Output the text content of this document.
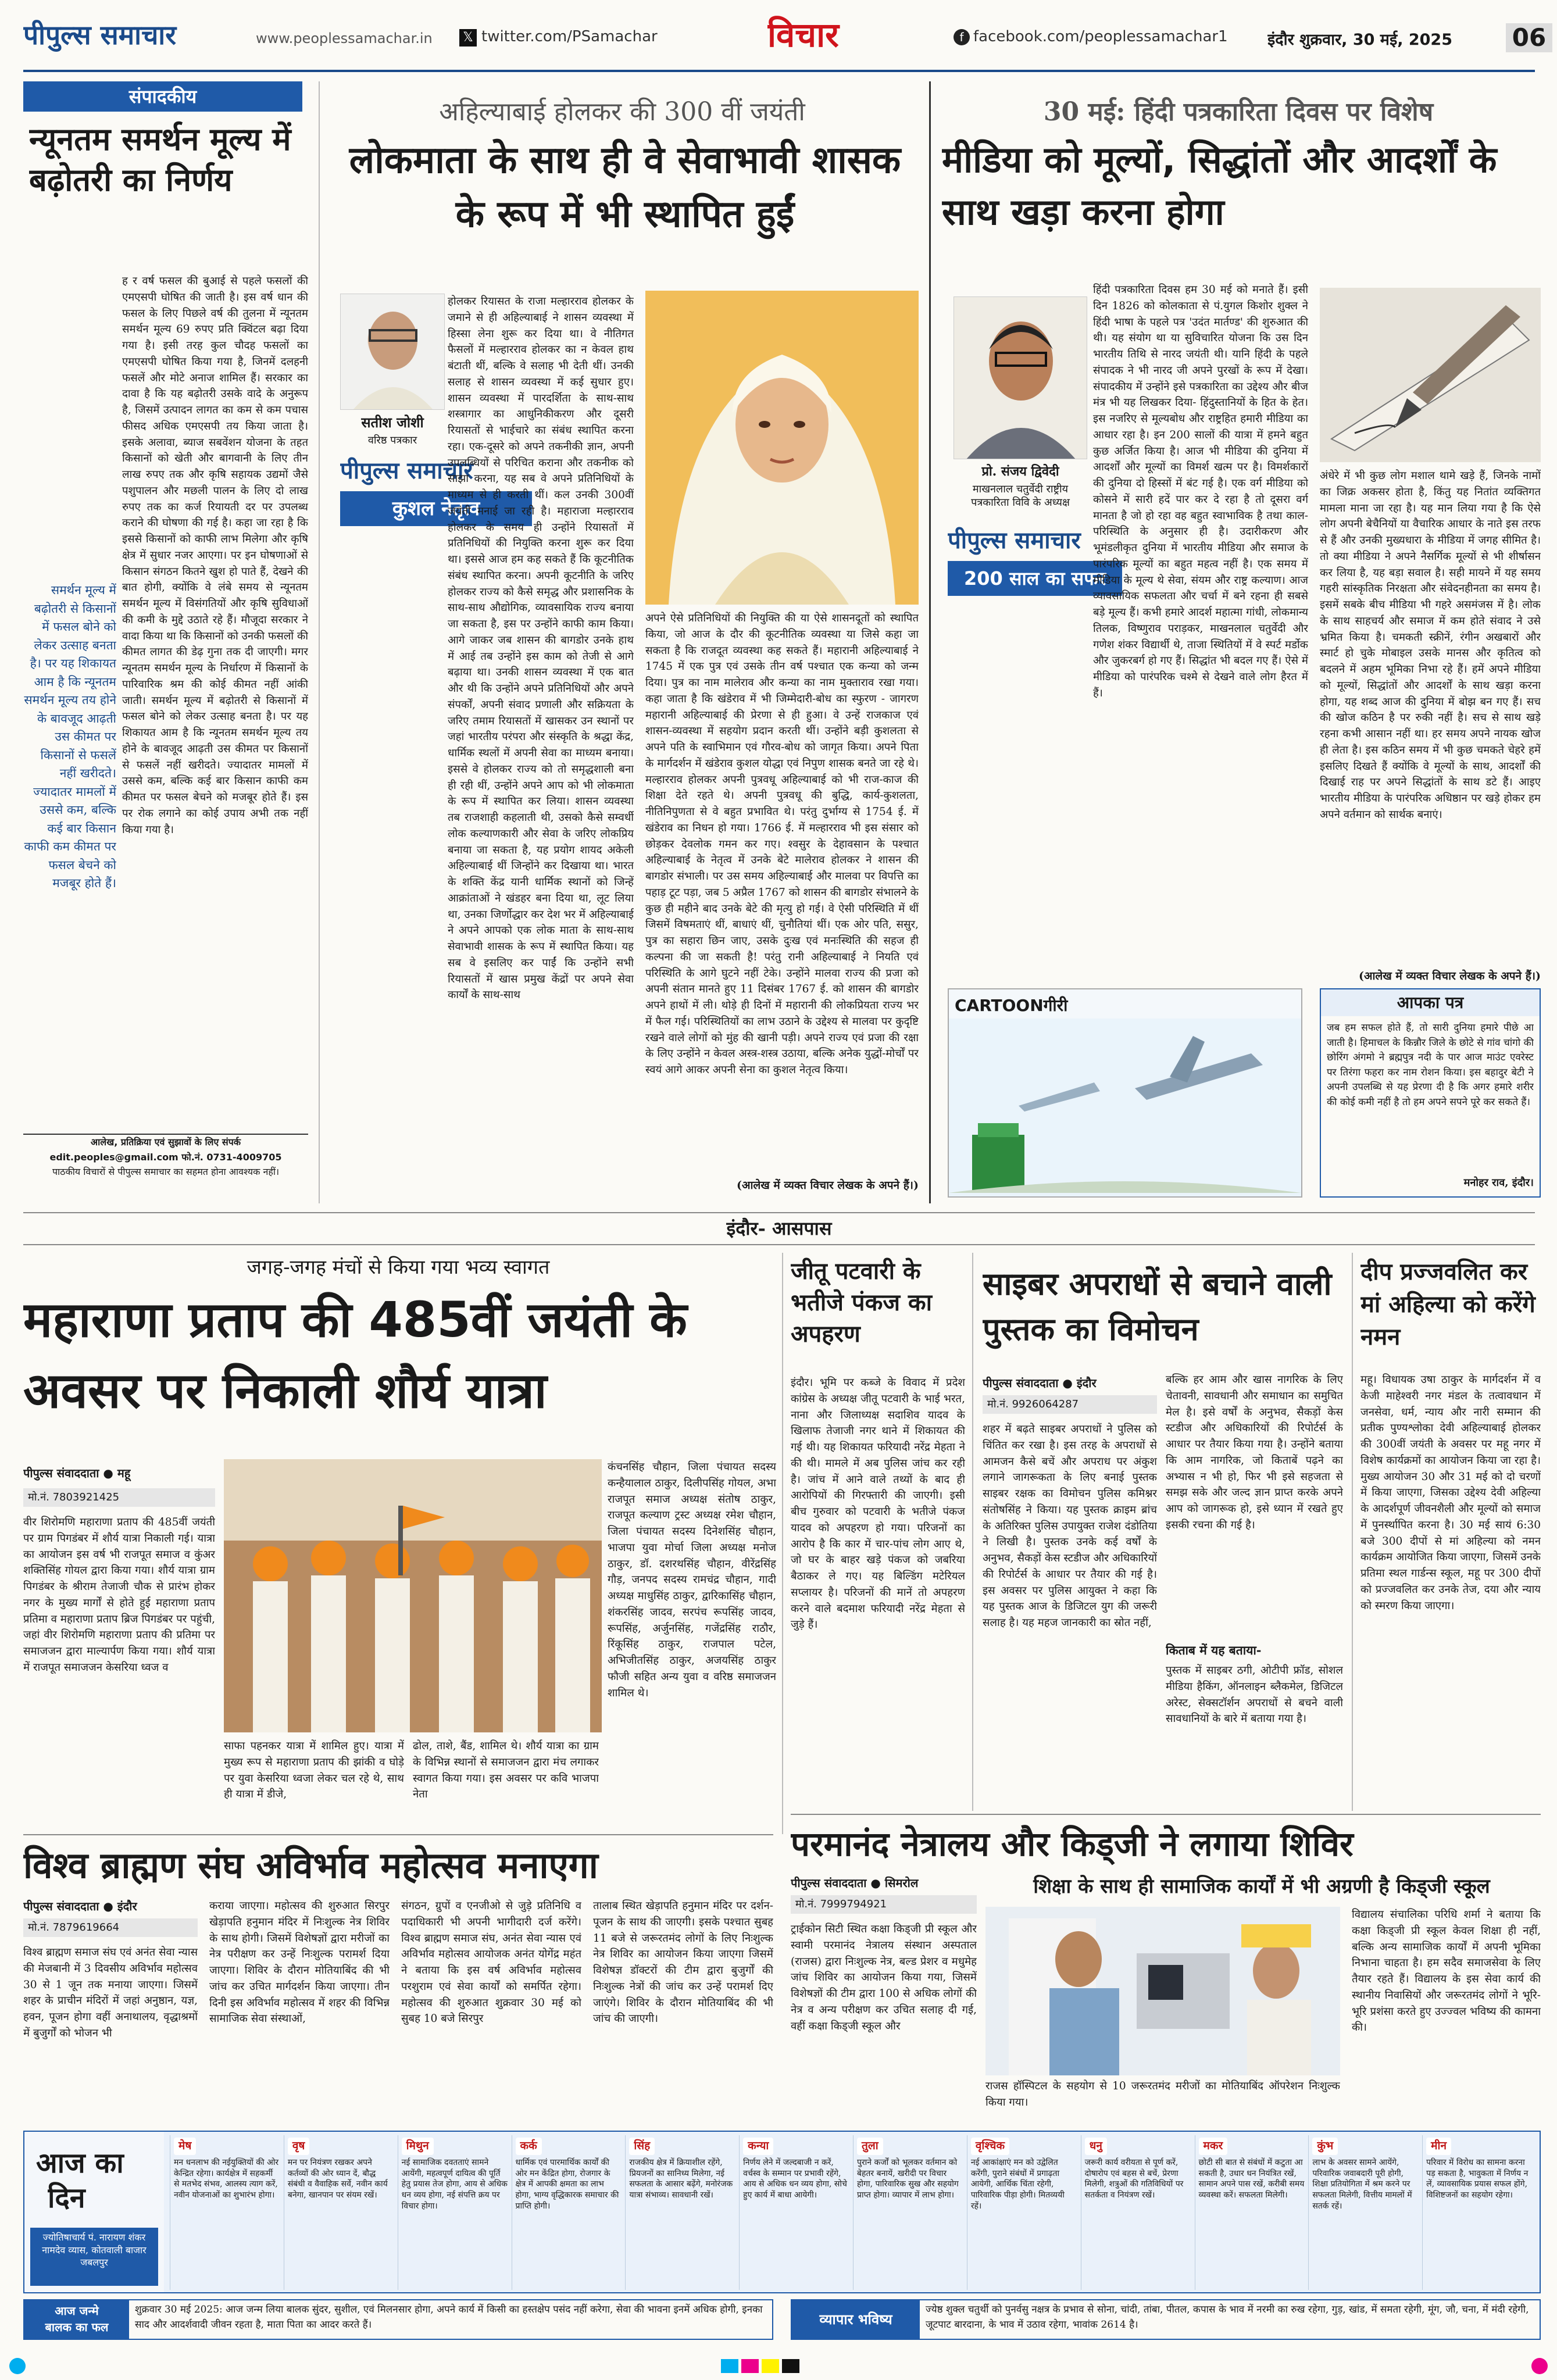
पीपुल्स समाचार	www.peoplessamachar.in	𝕏 twitter.com/PSamachar	विचार	f facebook.com/peoplessamachar1	इंदौर शुक्रवार, 30 मई, 2025	06
संपादकीय
न्यूनतम समर्थन मूल्य में बढ़ोतरी का निर्णय
समर्थन मूल्य में बढ़ोतरी से किसानों में फसल बोने को लेकर उत्साह बनता है। पर यह शिकायत आम है कि न्यूनतम समर्थन मूल्य तय होने के बावजूद आढ़ती उस कीमत पर किसानों से फसलें नहीं खरीदते। ज्यादातर मामलों में उससे कम, बल्कि कई बार किसान काफी कम कीमत पर फसल बेचने को मजबूर होते हैं।
ह र वर्ष फसल की बुआई से पहले फसलों की एमएसपी घोषित की जाती है। इस वर्ष धान की फसल के लिए पिछले वर्ष की तुलना में न्यूनतम समर्थन मूल्य 69 रुपए प्रति क्विंटल बढ़ा दिया गया है। इसी तरह कुल चौदह फसलों का एमएसपी घोषित किया गया है, जिनमें दलहनी फसलें और मोटे अनाज शामिल हैं। सरकार का दावा है कि यह बढ़ोतरी उसके वादे के अनुरूप है, जिसमें उत्पादन लागत का कम से कम पचास फीसद अधिक एमएसपी तय किया जाता है। इसके अलावा, ब्याज सबवेंशन योजना के तहत किसानों को खेती और बागवानी के लिए तीन लाख रुपए तक और कृषि सहायक उद्यमों जैसे पशुपालन और मछली पालन के लिए दो लाख रुपए तक का कर्ज रियायती दर पर उपलब्ध कराने की घोषणा की गई है। कहा जा रहा है कि इससे किसानों को काफी लाभ मिलेगा और कृषि क्षेत्र में सुधार नजर आएगा। पर इन घोषणाओं से किसान संगठन कितने खुश हो पाते हैं, देखने की बात होगी, क्योंकि वे लंबे समय से न्यूनतम समर्थन मूल्य में विसंगतियों और कृषि सुविधाओं की कमी के मुद्दे उठाते रहे हैं। मौजूदा सरकार ने वादा किया था कि किसानों को उनकी फसलों की कीमत लागत की डेढ़ गुना तक दी जाएगी। मगर न्यूनतम समर्थन मूल्य के निर्धारण में किसानों के पारिवारिक श्रम की कोई कीमत नहीं आंकी जाती। समर्थन मूल्य में बढ़ोतरी से किसानों में फसल बोने को लेकर उत्साह बनता है। पर यह शिकायत आम है कि न्यूनतम समर्थन मूल्य तय होने के बावजूद आढ़ती उस कीमत पर किसानों से फसलें नहीं खरीदते। ज्यादातर मामलों में उससे कम, बल्कि कई बार किसान काफी कम कीमत पर फसल बेचने को मजबूर होते हैं। इस पर रोक लगाने का कोई उपाय अभी तक नहीं किया गया है।
आलेख, प्रतिक्रिया एवं सुझावों के लिए संपर्क
edit.peoples@gmail.com फो.नं. 0731-4009705
पाठकीय विचारों से पीपुल्स समाचार का सहमत होना आवश्यक नहीं।
अहिल्याबाई होलकर की 300 वीं जयंती
लोकमाता के साथ ही वे सेवाभावी शासक के रूप में भी स्थापित हुईं
सतीश जोशी
वरिष्ठ पत्रकार
पीपुल्स समाचार
कुशल नेतृत्व
होलकर रियासत के राजा मल्हारराव होलकर के जमाने से ही अहिल्याबाई ने शासन व्यवस्था में हिस्सा लेना शुरू कर दिया था। वे नीतिगत फैसलों में मल्हारराव होलकर का न केवल हाथ बंटाती थीं, बल्कि वे सलाह भी देती थीं। उनकी सलाह से शासन व्यवस्था में कई सुधार हुए। शासन व्यवस्था में पारदर्शिता के साथ-साथ शस्त्रागार का आधुनिकीकरण और दूसरी रियासतों से भाईचारे का संबंध स्थापित करना रहा। एक-दूसरे को अपने तकनीकी ज्ञान, अपनी उपलब्धियों से परिचित कराना और तकनीक को साझा करना, यह सब वे अपने प्रतिनिधियों के माध्यम से ही करती थीं। कल उनकी 300वीं जयंती मनाई जा रही है। महाराजा मल्हारराव होलकर के समय ही उन्होंने रियासतों में प्रतिनिधियों की नियुक्ति करना शुरू कर दिया था। इससे आज हम कह सकते हैं कि कूटनीतिक संबंध स्थापित करना। अपनी कूटनीति के जरिए होलकर राज्य को कैसे समृद्ध और प्रशासनिक के साथ-साथ औद्योगिक, व्यावसायिक राज्य बनाया जा सकता है, इस पर उन्होंने काफी काम किया। आगे जाकर जब शासन की बागडोर उनके हाथ में आई तब उन्होंने इस काम को तेजी से आगे बढ़ाया था। उनकी शासन व्यवस्था में एक बात और थी कि उन्होंने अपने प्रतिनिधियों और अपने संपर्कों, अपनी संवाद प्रणाली और सक्रियता के जरिए तमाम रियासतों में खासकर उन स्थानों पर जहां भारतीय परंपरा और संस्कृति के श्रद्धा केंद्र, धार्मिक स्थलों में अपनी सेवा का माध्यम बनाया। इससे वे होलकर राज्य को तो समृद्धशाली बना ही रही थीं, उन्होंने अपने आप को भी लोकमाता के रूप में स्थापित कर लिया। शासन व्यवस्था तब राजशाही कहलाती थी, उसको कैसे सम्वर्धी लोक कल्याणकारी और सेवा के जरिए लोकप्रिय बनाया जा सकता है, यह प्रयोग शायद अकेली अहिल्याबाई थीं जिन्होंने कर दिखाया था। भारत के शक्ति केंद्र यानी धार्मिक स्थानों को जिन्हें आक्रांताओं ने खंडहर बना दिया था, लूट लिया था, उनका जिर्णोद्धार कर देश भर में अहिल्याबाई ने अपने आपको एक लोक माता के साथ-साथ सेवाभावी शासक के रूप में स्थापित किया। यह सब वे इसलिए कर पाईं कि उन्होंने सभी रियासतों में खास प्रमुख केंद्रों पर अपने सेवा कार्यों के साथ-साथ
अपने ऐसे प्रतिनिधियों की नियुक्ति की या ऐसे शासनदूतों को स्थापित किया, जो आज के दौर की कूटनीतिक व्यवस्था या जिसे कहा जा सकता है कि राजदूत व्यवस्था कह सकते हैं। महारानी अहिल्याबाई ने 1745 में एक पुत्र एवं उसके तीन वर्ष पश्चात एक कन्या को जन्म दिया। पुत्र का नाम मालेराव और कन्या का नाम मुक्ताराव रखा गया। कहा जाता है कि खंडेराव में भी जिम्मेदारी-बोध का स्फुरण - जागरण महारानी अहिल्याबाई की प्रेरणा से ही हुआ। वे उन्हें राजकाज एवं शासन-व्यवस्था में सहयोग प्रदान करती थीं। उन्होंने बड़ी कुशलता से अपने पति के स्वाभिमान एवं गौरव-बोध को जागृत किया। अपने पिता के मार्गदर्शन में खंडेराव कुशल योद्धा एवं निपुण शासक बनते जा रहे थे। मल्हारराव होलकर अपनी पुत्रवधू अहिल्याबाई को भी राज-काज की शिक्षा देते रहते थे। अपनी पुत्रवधू की बुद्धि, कार्य-कुशलता, नीतिनिपुणता से वे बहुत प्रभावित थे। परंतु दुर्भाग्य से 1754 ई. में खंडेराव का निधन हो गया। 1766 ई. में मल्हारराव भी इस संसार को छोड़कर देवलोक गमन कर गए। श्वसुर के देहावसान के पश्चात अहिल्याबाई के नेतृत्व में उनके बेटे मालेराव होलकर ने शासन की बागडोर संभाली। पर उस समय अहिल्याबाई और मालवा पर विपत्ति का पहाड़ टूट पड़ा, जब 5 अप्रैल 1767 को शासन की बागडोर संभालने के कुछ ही महीने बाद उनके बेटे की मृत्यु हो गई। वे ऐसी परिस्थिति में थीं जिसमें विषमताएं थीं, बाधाएं थीं, चुनौतियां थीं। एक ओर पति, ससुर, पुत्र का सहारा छिन जाए, उसके दुःख एवं मनःस्थिति की सहज ही कल्पना की जा सकती है! परंतु रानी अहिल्याबाई ने नियति एवं परिस्थिति के आगे घुटने नहीं टेके। उन्होंने मालवा राज्य की प्रजा को अपनी संतान मानते हुए 11 दिसंबर 1767 ई. को शासन की बागडोर अपने हाथों में ली। थोड़े ही दिनों में महारानी की लोकप्रियता राज्य भर में फैल गई। परिस्थितियों का लाभ उठाने के उद्देश्य से मालवा पर कुदृष्टि रखने वाले लोगों को मुंह की खानी पड़ी। अपने राज्य एवं प्रजा की रक्षा के लिए उन्होंने न केवल अस्त्र-शस्त्र उठाया, बल्कि अनेक युद्धों-मोर्चों पर स्वयं आगे आकर अपनी सेना का कुशल नेतृत्व किया।
(आलेख में व्यक्त विचार लेखक के अपने हैं।)
30 मई: हिंदी पत्रकारिता दिवस पर विशेष
मीडिया को मूल्यों, सिद्धांतों और आदर्शों के साथ खड़ा करना होगा
प्रो. संजय द्विवेदी
माखनलाल चतुर्वेदी राष्ट्रीय पत्रकारिता विवि के अध्यक्ष
पीपुल्स समाचार
200 साल का सफर
हिंदी पत्रकारिता दिवस हम 30 मई को मनाते हैं। इसी दिन 1826 को कोलकाता से पं.युगल किशोर शुक्ल ने हिंदी भाषा के पहले पत्र 'उदंत मार्तण्ड' की शुरुआत की थी। यह संयोग था या सुविचारित योजना कि उस दिन भारतीय तिथि से नारद जयंती थी। यानि हिंदी के पहले संपादक ने भी नारद जी अपने पुरखों के रूप में देखा। संपादकीय में उन्होंने इसे पत्रकारिता का उद्देश्य और बीज मंत्र भी यह लिखकर दिया- हिंदुस्तानियों के हित के हेत। इस नजरिए से मूल्यबोध और राष्ट्रहित हमारी मीडिया का आधार रहा है। इन 200 सालों की यात्रा में हमने बहुत कुछ अर्जित किया है। आज भी मीडिया की दुनिया में आदर्शों और मूल्यों का विमर्श खत्म पर है। विमर्शकारों की दुनिया दो हिस्सों में बंट गई है। एक वर्ग मीडिया को कोसने में सारी हदें पार कर दे रहा है तो दूसरा वर्ग मानता है जो हो रहा वह बहुत स्वाभाविक है तथा काल-परिस्थिति के अनुसार ही है। उदारीकरण और भूमंडलीकृत दुनिया में भारतीय मीडिया और समाज के पारंपरिक मूल्यों का बहुत महत्व नहीं है। एक समय में मीडिया के मूल्य थे सेवा, संयम और राष्ट्र कल्याण। आज व्यावसायिक सफलता और चर्चा में बने रहना ही सबसे बड़े मूल्य हैं। कभी हमारे आदर्श महात्मा गांधी, लोकमान्य तिलक, विष्णुराव पराड़कर, माखनलाल चतुर्वेदी और गणेश शंकर विद्यार्थी थे, ताजा स्थितियों में वे स्पर्ट मर्डोक और जुकरबर्ग हो गए हैं। सिद्धांत भी बदल गए हैं। ऐसे में मीडिया को पारंपरिक चश्मे से देखने वाले लोग हैरत में हैं।
अंधेरे में भी कुछ लोग मशाल थामे खड़े हैं, जिनके नामों का जिक्र अकसर होता है, किंतु यह नितांत व्यक्तिगत मामला माना जा रहा है। यह मान लिया गया है कि ऐसे लोग अपनी बेचैनियों या वैचारिक आधार के नाते इस तरफ से हैं और उनकी मुख्यधारा के मीडिया में जगह सीमित है। तो क्या मीडिया ने अपने नैसर्गिक मूल्यों से भी शीर्षासन कर लिया है, यह बड़ा सवाल है। सही मायने में यह समय गहरी सांस्कृतिक निरक्षता और संवेदनहीनता का समय है। इसमें सबके बीच मीडिया भी गहरे असमंजस में है। लोक के साथ साहचर्य और समाज में कम होते संवाद ने उसे भ्रमित किया है। चमकती स्क्रीनें, रंगीन अखबारों और स्मार्ट हो चुके मोबाइल उसके मानस और कृतित्व को बदलने में अहम भूमिका निभा रहे हैं। हमें अपने मीडिया को मूल्यों, सिद्धांतों और आदर्शों के साथ खड़ा करना होगा, यह शब्द आज की दुनिया में बोझ बन गए हैं। सच की खोज कठिन है पर रुकी नहीं है। सच से साथ खड़े रहना कभी आसान नहीं था। हर समय अपने नायक खोज ही लेता है। इस कठिन समय में भी कुछ चमकते चेहरे हमें इसलिए दिखते हैं क्योंकि वे मूल्यों के साथ, आदर्शों की दिखाई राह पर अपने सिद्धांतों के साथ डटे हैं। आइए भारतीय मीडिया के पारंपरिक अधिष्ठान पर खड़े होकर हम अपने वर्तमान को सार्थक बनाएं।
(आलेख में व्यक्त विचार लेखक के अपने हैं।)
CARTOONगीरी	आपका पत्र
जब हम सफल होते हैं, तो सारी दुनिया हमारे पीछे आ जाती है। हिमाचल के किन्नौर जिले के छोटे से गांव चांगो की छोरिंग अंगमो ने ब्रह्मपुत्र नदी के पार आज माउंट एवरेस्ट पर तिरंगा फहरा कर नाम रोशन किया। इस बहादुर बेटी ने अपनी उपलब्धि से यह प्रेरणा दी है कि अगर हमारे शरीर की कोई कमी नहीं है तो हम अपने सपने पूरे कर सकते हैं।
मनोहर राव, इंदौर।
इंदौर- आसपास
जगह-जगह मंचों से किया गया भव्य स्वागत
महाराणा प्रताप की 485वीं जयंती के अवसर पर निकाली शौर्य यात्रा
पीपुल्स संवाददाता ● महू
मो.नं. 7803921425
वीर शिरोमणि महाराणा प्रताप की 485वीं जयंती पर ग्राम पिगडंबर में शौर्य यात्रा निकाली गई। यात्रा का आयोजन इस वर्ष भी राजपूत समाज व कुंअर शक्तिसिंह गोयल द्वारा किया गया। शौर्य यात्रा ग्राम पिगडंबर के श्रीराम तेजाजी चौक से प्रारंभ होकर नगर के मुख्य मार्गों से होते हुई महाराणा प्रताप प्रतिमा व महाराणा प्रताप ब्रिज पिगडंबर पर पहुंची, जहां वीर शिरोमणि महाराणा प्रताप की प्रतिमा पर समाजजन द्वारा माल्यार्पण किया गया। शौर्य यात्रा में राजपूत समाजजन केसरिया ध्वज व
साफा पहनकर यात्रा में शामिल हुए। यात्रा में मुख्य रूप से महाराणा प्रताप की झांकी व घोड़े पर युवा केसरिया ध्वजा लेकर चल रहे थे, साथ ही यात्रा में डीजे,
ढोल, ताशे, बैंड, शामिल थे। शौर्य यात्रा का ग्राम के विभिन्न स्थानों से समाजजन द्वारा मंच लगाकर स्वागत किया गया। इस अवसर पर कवि भाजपा नेता
कंचनसिंह चौहान, जिला पंचायत सदस्य कन्हैयालाल ठाकुर, दिलीपसिंह गोयल, अभा राजपूत समाज अध्यक्ष संतोष ठाकुर, राजपूत कल्याण ट्रस्ट अध्यक्ष रमेश चौहान, जिला पंचायत सदस्य दिनेशसिंह चौहान, भाजपा युवा मोर्चा जिला अध्यक्ष मनोज ठाकुर, डॉ. दशरथसिंह चौहान, वीरेंद्रसिंह गौड़, जनपद सदस्य रामचंद्र चौहान, गादी अध्यक्ष माधुसिंह ठाकुर, द्वारिकासिंह चौहान, शंकरसिंह जादव, सरपंच रूपसिंह जादव, रूपसिंह, अर्जुनसिंह, गजेंद्रसिंह राठौर, रिंकूसिंह ठाकुर, राजपाल पटेल, अभिजीतसिंह ठाकुर, अजयसिंह ठाकुर फौजी सहित अन्य युवा व वरिष्ठ समाजजन शामिल थे।
जीतू पटवारी के भतीजे पंकज का अपहरण
इंदौर। भूमि पर कब्जे के विवाद में प्रदेश कांग्रेस के अध्यक्ष जीतू पटवारी के भाई भरत, नाना और जिलाध्यक्ष सदाशिव यादव के खिलाफ तेजाजी नगर थाने में शिकायत की गई थी। यह शिकायत फरियादी नरेंद्र मेहता ने की थी। मामले में अब पुलिस जांच कर रही है। जांच में आने वाले तथ्यों के बाद ही आरोपियों की गिरफ्तारी की जाएगी। इसी बीच गुरुवार को पटवारी के भतीजे पंकज यादव को अपहरण हो गया। परिजनों का आरोप है कि कार में चार-पांच लोग आए थे, जो घर के बाहर खड़े पंकज को जबरिया बैठाकर ले गए। यह बिल्डिंग मटेरियल सप्लायर है। परिजनों की मानें तो अपहरण करने वाले बदमाश फरियादी नरेंद्र मेहता से जुड़े हैं।
साइबर अपराधों से बचाने वाली पुस्तक का विमोचन
पीपुल्स संवाददाता ● इंदौर
मो.नं. 9926064287
शहर में बढ़ते साइबर अपराधों ने पुलिस को चिंतित कर रखा है। इस तरह के अपराधों से आमजन कैसे बचें और अपराध पर अंकुश लगाने जागरूकता के लिए बनाई पुस्तक साइबर रक्षक का विमोचन पुलिस कमिश्नर संतोषसिंह ने किया। यह पुस्तक क्राइम ब्रांच के अतिरिक्त पुलिस उपायुक्त राजेश दंडोतिया ने लिखी है। पुस्तक उनके कई वर्षों के अनुभव, सैकड़ों केस स्टडीज और अधिकारियों की रिपोर्टर्स के आधार पर तैयार की गई है। इस अवसर पर पुलिस आयुक्त ने कहा कि यह पुस्तक आज के डिजिटल युग की जरूरी सलाह है। यह महज जानकारी का स्रोत नहीं,
बल्कि हर आम और खास नागरिक के लिए चेतावनी, सावधानी और समाधान का समुचित मेल है। इसे वर्षों के अनुभव, सैकड़ों केस स्टडीज और अधिकारियों की रिपोर्टर्स के आधार पर तैयार किया गया है। उन्होंने बताया कि आम नागरिक, जो किताबें पढ़ने का अभ्यास न भी हो, फिर भी इसे सहजता से समझ सके और जल्द ज्ञान प्राप्त करके अपने आप को जागरूक हो, इसे ध्यान में रखते हुए इसकी रचना की गई है।
किताब में यह बताया-
पुस्तक में साइबर ठगी, ओटीपी फ्रॉड, सोशल मीडिया हैकिंग, ऑनलाइन ब्लैकमेल, डिजिटल अरेस्ट, सेक्सटॉर्शन अपराधों से बचने वाली सावधानियों के बारे में बताया गया है।
दीप प्रज्जवलित कर मां अहिल्या को करेंगे नमन
महू। विधायक उषा ठाकुर के मार्गदर्शन में व केजी माहेश्वरी नगर मंडल के तत्वावधान में जनसेवा, धर्म, न्याय और नारी सम्मान की प्रतीक पुण्यश्लोका देवी अहिल्याबाई होलकर की 300वीं जयंती के अवसर पर महू नगर में विशेष कार्यक्रमों का आयोजन किया जा रहा है। मुख्य आयोजन 30 और 31 मई को दो चरणों में किया जाएगा, जिसका उद्देश्य देवी अहिल्या के आदर्शपूर्ण जीवनशैली और मूल्यों को समाज में पुनर्स्थापित करना है। 30 मई सायं 6:30 बजे 300 दीपों से मां अहिल्या को नमन कार्यक्रम आयोजित किया जाएगा, जिसमें उनके प्रतिमा स्थल गार्डन्स स्कूल, महू पर 300 दीपों को प्रज्जवलित कर उनके तेज, दया और न्याय को स्मरण किया जाएगा।
विश्व ब्राह्मण संघ अविर्भाव महोत्सव मनाएगा
पीपुल्स संवाददाता ● इंदौर
मो.नं. 7879619664
विश्व ब्राह्मण समाज संघ एवं अनंत सेवा न्यास की मेजबानी में 3 दिवसीय अविर्भाव महोत्सव 30 से 1 जून तक मनाया जाएगा। जिसमें शहर के प्राचीन मंदिरों में जहां अनुष्ठान, यज्ञ, हवन, पूजन होगा वहीं अनाथालय, वृद्धाश्रमों में बुजुर्गों को भोजन भी
कराया जाएगा। महोत्सव की शुरुआत सिरपुर खेड़ापति हनुमान मंदिर में निःशुल्क नेत्र शिविर के साथ होगी। जिसमें विशेषज्ञों द्वारा मरीजों का नेत्र परीक्षण कर उन्हें निःशुल्क परामर्श दिया जाएगा। शिविर के दौरान मोतियाबिंद की भी जांच कर उचित मार्गदर्शन किया जाएगा। तीन दिनी इस अविर्भाव महोत्सव में शहर की विभिन्न सामाजिक सेवा संस्थाओं,
संगठन, ग्रुपों व एनजीओ से जुड़े प्रतिनिधि व पदाधिकारी भी अपनी भागीदारी दर्ज करेंगे। विश्व ब्राह्मण समाज संघ, अनंत सेवा न्यास एवं अविर्भाव महोत्सव आयोजक अनंत योगेंद्र महंत ने बताया कि इस वर्ष अविर्भाव महोत्सव परशुराम एवं सेवा कार्यों को समर्पित रहेगा। महोत्सव की शुरुआत शुक्रवार 30 मई को सुबह 10 बजे सिरपुर
तालाब स्थित खेड़ापति हनुमान मंदिर पर दर्शन-पूजन के साथ की जाएगी। इसके पश्चात सुबह 11 बजे से जरूरतमंद लोगों के लिए निःशुल्क नेत्र शिविर का आयोजन किया जाएगा जिसमें विशेषज्ञ डॉक्टरों की टीम द्वारा बुजुर्गों की निःशुल्क नेत्रों की जांच कर उन्हें परामर्श दिए जाएंगे। शिविर के दौरान मोतियाबिंद की भी जांच की जाएगी।
परमानंद नेत्रालय और किड्जी ने लगाया शिविर
पीपुल्स संवाददाता ● सिमरोल
मो.नं. 7999794921
शिक्षा के साथ ही सामाजिक कार्यों में भी अग्रणी है किड्जी स्कूल
ट्राईकोन सिटी स्थित कक्षा किड्जी प्री स्कूल और स्वामी परमानंद नेत्रालय संस्थान अस्पताल (राजस) द्वारा निःशुल्क नेत्र, बल्ड प्रेशर व मधुमेह जांच शिविर का आयोजन किया गया, जिसमें विशेषज्ञों की टीम द्वारा 100 से अधिक लोगों की नेत्र व अन्य परीक्षण कर उचित सलाह दी गई, वहीं कक्षा किड्जी स्कूल और
राजस हॉस्पिटल के सहयोग से 10 जरूरतमंद मरीजों का मोतियाबिंद ऑपरेशन निःशुल्क किया गया।
विद्यालय संचालिका परिधि शर्मा ने बताया कि कक्षा किड्जी प्री स्कूल केवल शिक्षा ही नहीं, बल्कि अन्य सामाजिक कार्यों में अपनी भूमिका निभाना चाहता है। हम सदैव समाजसेवा के लिए तैयार रहते हैं। विद्यालय के इस सेवा कार्य की स्थानीय निवासियों और जरूरतमंद लोगों ने भूरि-भूरि प्रशंसा करते हुए उज्ज्वल भविष्य की कामना की।
आज का
दिन
ज्योतिषाचार्य पं. नारायण शंकर नामदेव व्यास, कोतवाली बाजार जबलपुर
मेष
मन धनलाभ की नईयुक्तियों की ओर केन्द्रित रहेगा। कार्यक्षेत्र में सहकर्मी से मतभेद संभव, आलस्य त्याग करें, नवीन योजनाओं का शुभारंभ होगा।
वृष
मन पर नियंत्रण रखकर अपने कर्तव्यों की ओर ध्यान दें, बौद्ध संबंधी व वैवाहिक सर्वे, नवीन कार्य बनेगा, खानपान पर संयम रखें।
मिथुन
नई सामाजिक दवतताएं सामने आयेंगी, महत्वपूर्ण दायित्व की पूर्ति हेतु प्रयास तेज होगा, आय से अधिक धन व्यय होगा, नई संपत्ति क्रय पर विचार होगा।
कर्क
धार्मिक एवं पारमार्थिक कार्यों की ओर मन केंद्रित होगा, रोजगार के क्षेत्र में आपकी क्षमता का लाभ होगा, भाग्य वृद्धिकारक समाचार की प्राप्ति होगी।
सिंह
राजकीय क्षेत्र में क्रियाशील रहेंगे, प्रियजनों का सानिध्य मिलेगा, नई सफलता के आसार बढ़ेंगे, मनोरंजक यात्रा संभाव्य। सावधानी रखें।
कन्या
निर्णय लेने में जल्दबाजी न करें, वर्चस्व के सम्मान पर प्रभावी रहेंगे, आय से अधिक धन व्यय होगा, सोचे हुए कार्य में बाधा आयेगी।
तुला
पुराने कर्जों को भूलकर वर्तमान को बेहतर बनायें, खरीदी पर विचार होगा, पारिवारिक सुख और सहयोग प्राप्त होगा। व्यापार में लाभ होगा।
वृश्चिक
नई आकांक्षाएं मन को उद्वेलित करेंगी, पुराने संबंधों में प्रगाढ़ता आयेगी, आर्थिक चिंता रहेगी, पारिवारिक पीड़ा होगी। मितव्ययी रहें।
धनु
जरूरी कार्य वरीयता से पूर्ण करें, दोषारोप एवं बहस से बचें, प्रेरणा मिलेगी, शत्रुओं की गतिविधियों पर सतर्कता व नियंत्रण रखें।
मकर
छोटी सी बात से संबंधों में कटुता आ सकती है, उधार धन नियंत्रित रखें, सामान अपने पास रखें, करीबी समय व्यवस्था करें। सफलता मिलेगी।
कुंभ
लाभ के अवसर सामने आयेंगे, परिवारिक जवाबदारी पूरी होगी, शिक्षा प्रतियोगिता में श्रम करने पर सफलता मिलेगी, वित्तीय मामलों में सतर्क रहें।
मीन
परिवार में विरोध का सामना करना पड़ सकता है, भावुकता में निर्णय न लें, व्यावसायिक प्रयास सफल होंगे, विशिष्टजनों का सहयोग रहेगा।
आज जन्मे
बालक का फल
शुक्रवार 30 मई 2025: आज जन्म लिया बालक सुंदर, सुशील, एवं मिलनसार होगा, अपने कार्य में किसी का हस्तक्षेप पसंद नहीं करेगा, सेवा की भावना इनमें अधिक होगी, इनका साद और आदर्शवादी जीवन रहता है, माता पिता का आदर करते हैं।	व्यापार भविष्य
ज्येष्ठ शुक्ल चतुर्थी को पुनर्वसु नक्षत्र के प्रभाव से सोना, चांदी, तांबा, पीतल, कपास के भाव में नरमी का रुख रहेगा, गुड़, खांड, में समता रहेगी, मूंग, जौ, चना, में मंदी रहेगी, जूटपाट बारदाना, के भाव में उठाव रहेगा, भावांक 2614 है।
